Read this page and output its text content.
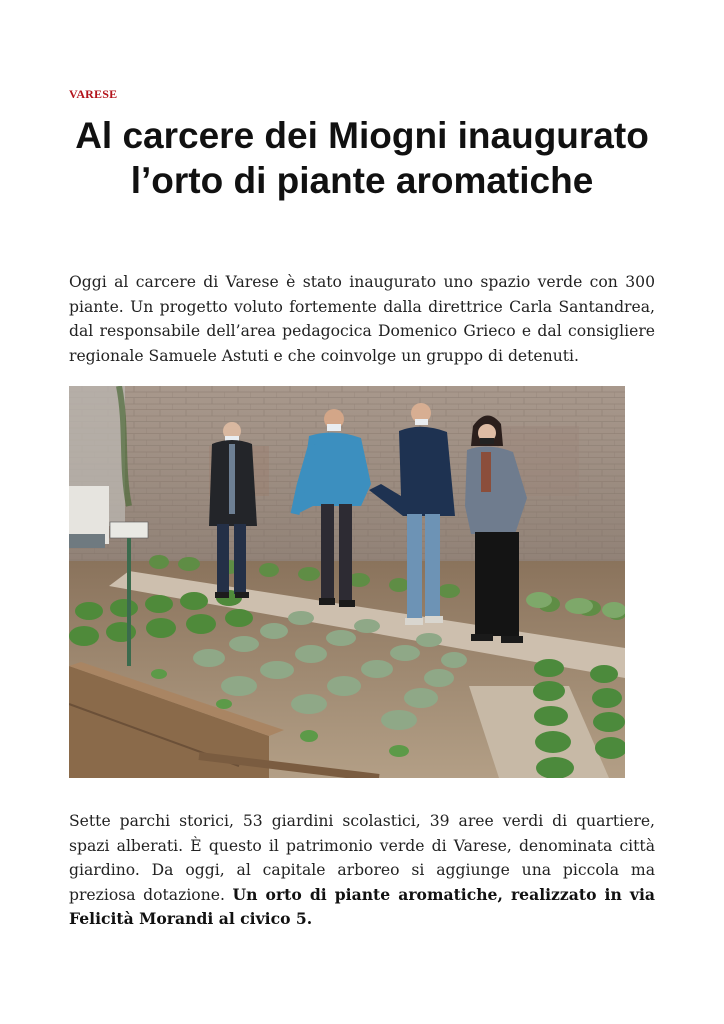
VARESE
Al carcere dei Miogni inaugurato l’orto di piante aromatiche

Oggi al carcere di Varese è stato inaugurato uno spazio verde con 300 piante. Un progetto voluto fortemente dalla direttrice Carla Santandrea, dal responsabile dell’area pedagocica Domenico Grieco e dal consigliere regionale Samuele Astuti e che coinvolge un gruppo di detenuti.

Sette parchi storici, 53 giardini scolastici, 39 aree verdi di quartiere, spazi alberati. È questo il patrimonio verde di Varese, denominata città giardino. Da oggi, al capitale arboreo si aggiunge una piccola ma preziosa dotazione. Un orto di piante aromatiche, realizzato in via Felicità Morandi al civico 5.
